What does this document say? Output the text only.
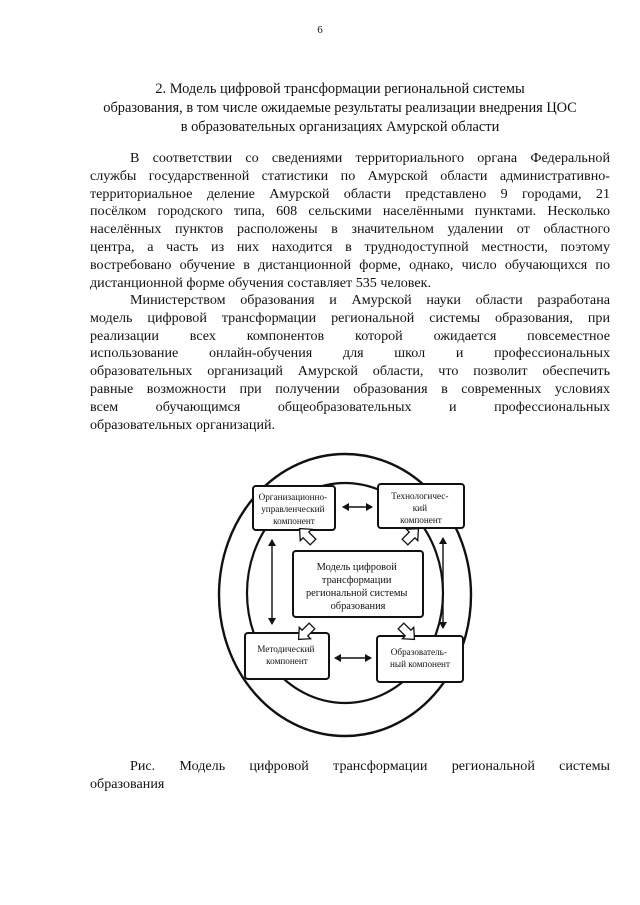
6
2. Модель цифровой трансформации региональной системы
образования, в том числе ожидаемые результаты реализации внедрения ЦОС
в образовательных организациях Амурской области
В соответствии со сведениями территориального органа Федеральной
службы государственной статистики по Амурской области административно-
территориальное деление Амурской области представлено 9 городами, 21
посёлком городского типа, 608 сельскими населёнными пунктами. Несколько
населённых пунктов расположены в значительном удалении от областного
центра, а часть из них находится в труднодоступной местности, поэтому
востребовано обучение в дистанционной форме, однако, число обучающихся по
дистанционной форме обучения составляет 535 человек.
Министерством образования и Амурской науки области разработана
модель цифровой трансформации региональной системы образования, при
реализации всех компонентов которой ожидается повсеместное
использование онлайн-обучения для школ и профессиональных
образовательных организаций Амурской области, что позволит обеспечить
равные возможности при получении образования в современных условиях
всем обучающимся общеобразовательных и профессиональных
образовательных организаций.
Организационно- управленческий компонент
Технологичес- кий компонент
Методический компонент
Образователь- ный компонент
Модель цифровой трансформации региональной системы образования
Рис. Модель цифровой трансформации региональной системы
образования
